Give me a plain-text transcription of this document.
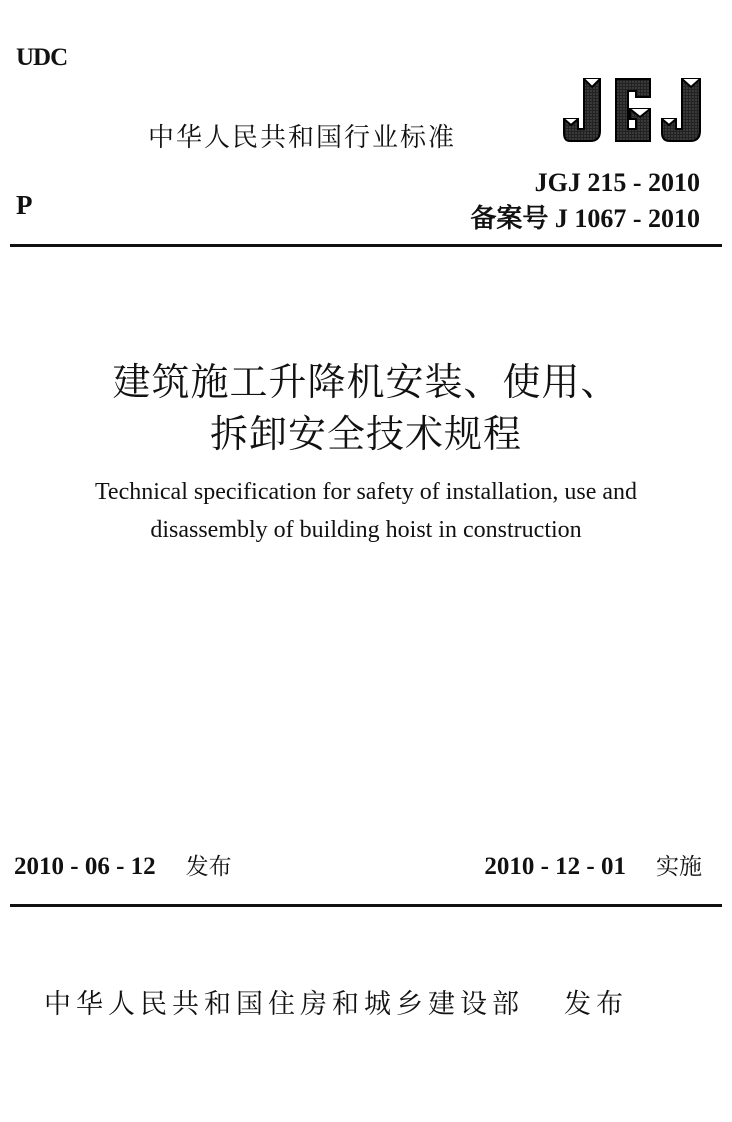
UDC
P
中华人民共和国行业标准
JGJ 215 - 2010
备案号 J 1067 - 2010
建筑施工升降机安装、使用、
拆卸安全技术规程
Technical specification for safety of installation, use and
disassembly of building hoist in construction
2010 - 06 - 12 发布	2010 - 12 - 01 实施
中华人民共和国住房和城乡建设部 发布
